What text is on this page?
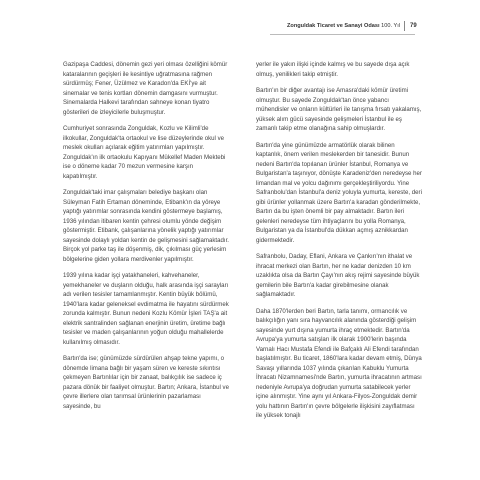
Zonguldak Ticaret ve Sanayi Odası 100. Yıl 79

Gazipaşa Caddesi, dönemin gezi yeri olması özelliğini kömür kataralarının geçişleri ile kesintiye uğratmasına rağmen sürdürmüş; Fener, Üzülmez ve Karadon'da EKİ'ye ait sinemalar ve tenis kortları dönemin damgasını vurmuştur. Sinemalarda Halkevi tarafından sahneye konan tiyatro gösterileri de izleyicilerle buluşmuştur.

Cumhuriyet sonrasında Zonguldak, Kozlu ve Kilimli'de ilkokullar, Zonguldak'ta ortaokul ve lise düzeylerinde okul ve meslek okulları açılarak eğitim yatırımları yapılmıştır. Zonguldak'ın ilk ortaokulu Kapıyanı Mükellef Maden Mektebi ise o döneme kadar 70 mezun vermesine karşın kapatılmıştır.

Zonguldak'taki imar çalışmaları belediye başkanı olan Süleyman Fatih Ertaman döneminde, Etibank'ın da yöreye yaptığı yatırımlar sonrasında kendini göstermeye başlamış, 1936 yılından itibaren kentin çehresi olumlu yönde değişim göstermiştir. Etibank, çalışanlarına yönelik yaptığı yatırımlar sayesinde dolaylı yoldan kentin de gelişmesini sağlamaktadır. Birçok yol parke taş ile döşenmiş, dik, çıkılması güç yerlesim bölgelerine giden yollara merdivenler yapılmıştır.

1939 yılına kadar işçi yatakhaneleri, kahvehaneler, yemekhaneler ve duşların olduğu, halk arasında işçi sarayları adı verilen tesisler tamamlanmıştır. Kentin büyük bölümü, 1940'lara kadar geleneksel evdimatma ile hayatını sürdürmek zorunda kalmıştır. Bunun nedeni Kozlu Kömür İşleri TAŞ'a ait elektrik santralinden sağlanan enerjinin üretim, üretime bağlı tesisler ve maden çalışanlarının yoğun olduğu mahallelerde kullanılmış olmasıdır.

Bartın'da ise; günümüzde sürdürülen ahşap tekne yapımı, o dönemde limana bağlı bir yaşam süren ve kereste sıkıntısı çekmeyen Bartınlılar için bir zanaat, balıkçılık ise sadece iç pazara dönük bir faaliyet olmuştur. Bartın; Ankara, İstanbul ve çevre illerlere olan tarımsal ürünlerinin pazarlaması sayesinde, bu

yerler ile yakın ilişki içinde kalmış ve bu sayede dışa açık olmuş, yenilikleri takip etmiştir.

Bartın'ın bir diğer avantajı ise Amasra'daki kömür üretimi olmuştur. Bu sayede Zonguldak'tan önce yabancı mühendisler ve onların kültürleri ile tanışma fırsatı yakalamış, yüksek alım gücü sayesinde gelişmeleri İstanbul ile eş zamanlı takip etme olanağına sahip olmuşlardır.

Bartın'da yine günümüzde armatörlük olarak bilinen kaptanlık, önem verilen meslekerden bir tanesidir. Bunun nedeni Bartın'da topılanan ürünler İstanbul, Romanya ve Bulgaristan'a taşınıyor, dönüşte Karadeniz'den neredeyse her limandan mal ve yolcu dağınımı gerçekleştiriliyordu. Yine Safranbolu'dan İstanbul'a deniz yoluyla yumurta, kereste, deri gibi ürünler yollanmak üzere Bartın'a karadan gönderilmekte, Bartın da bu işten önemli bir pay almaktadır. Bartın ileri gelenleri neredeyse tüm ihtiyaçlarını bu yolla Romanya, Bulgaristan ya da İstanbul'da dükkan açmış aznikkardan gidermektedir.

Safranbolu, Daday, Eflani, Ankara ve Çankırı'nın ithalat ve ihracat merkezi olan Bartın, her ne kadar denizden 10 km uzaklıkta olsa da Bartın Çayı'nın akış rejimi sayesinde büyük gemilerin bile Bartın'a kadar girebilmesine olanak sağlamaktadır.

Daha 1870'lerden beri Bartın, tarla tanımı, ormancılık ve balıkçılığın yanı sıra hayvancılık alanında gösterdiği gelişim sayesinde yurt dışına yumurta ihraç etmektedir. Bartın'da Avrupa'ya yumurta satışları ilk olarak 1900'lerin başında Varnalı Hacı Mustafa Efendi ile Bafçaklı Ali Efendi tarafından başlatılmıştır. Bu ticaret, 1860'lara kadar devam etmiş, Dünya Savaşı yıllarında 1037 yılında çıkarılan Kabuklu Yumurta İhracatı Nizamnamesi'nde Bartın, yumurta ihracatının artması nedeniyle Avrupa'ya doğrudan yumurta satabilecek yerler içine alınmıştır. Yine aynı yıl Ankara-Filyos-Zonguldak demir yolu hattının Bartın'ın çevre bölgelerle ilişkisini zayıflatması ile yüksek tonajlı
